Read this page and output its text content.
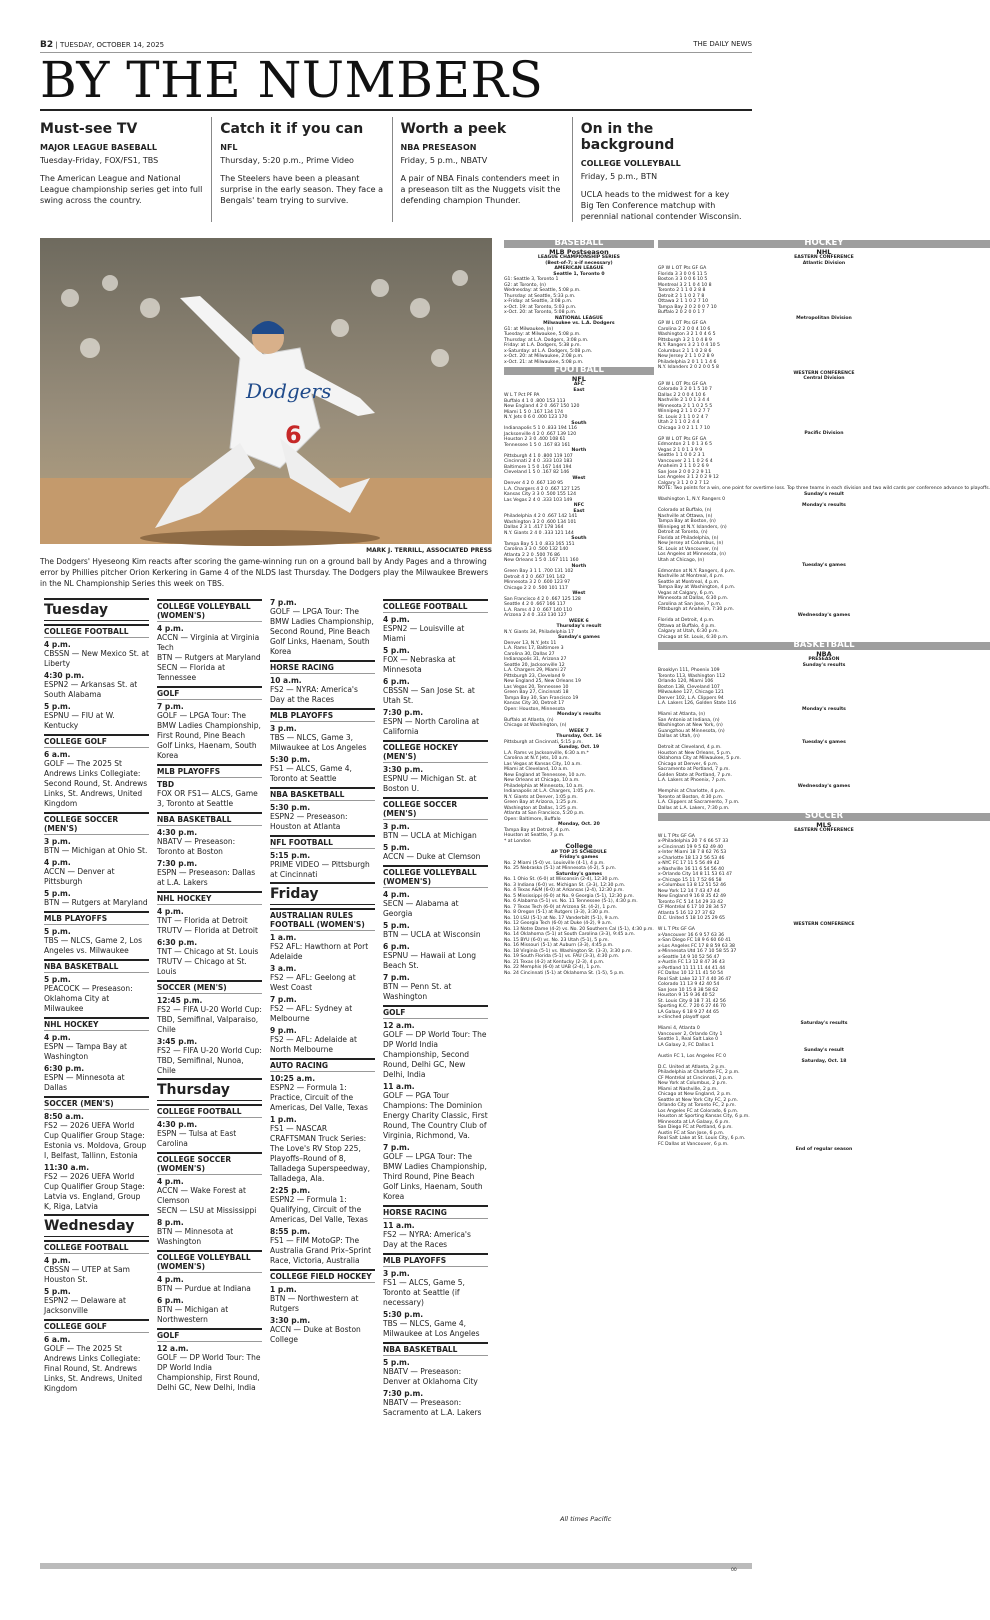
B2 | TUESDAY, OCTOBER 14, 2025	THE DAILY NEWS
BY THE NUMBERS
Must-see TV
MAJOR LEAGUE BASEBALL
Tuesday-Friday, FOX/FS1, TBS
The American League and National League championship series get into full swing across the country.
Catch it if you can
NFL
Thursday, 5:20 p.m., Prime Video
The Steelers have been a pleasant surprise in the early season. They face a Bengals' team trying to survive.
Worth a peek
NBA PRESEASON
Friday, 5 p.m., NBATV
A pair of NBA Finals contenders meet in a preseason tilt as the Nuggets visit the defending champion Thunder.
On in the background
COLLEGE VOLLEYBALL
Friday, 5 p.m., BTN
UCLA heads to the midwest for a key Big Ten Conference matchup with perennial national contender Wisconsin.
Dodgers
6
MARK J. TERRILL, ASSOCIATED PRESS
The Dodgers' Hyeseong Kim reacts after scoring the game-winning run on a ground ball by Andy Pages and a throwing error by Phillies pitcher Orion Kerkering in Game 4 of the NLDS last Thursday. The Dodgers play the Milwaukee Brewers in the NL Championship Series this week on TBS.
Tuesday
COLLEGE FOOTBALL
4 p.m.
CBSSN — New Mexico St. at Liberty
4:30 p.m.
ESPN2 — Arkansas St. at South Alabama
5 p.m.
ESPNU — FIU at W. Kentucky
COLLEGE GOLF
6 a.m.
GOLF — The 2025 St Andrews Links Collegiate: Second Round, St. Andrews Links, St. Andrews, United Kingdom
COLLEGE SOCCER (MEN'S)
3 p.m.
BTN — Michigan at Ohio St.
4 p.m.
ACCN — Denver at Pittsburgh
5 p.m.
BTN — Rutgers at Maryland
MLB PLAYOFFS
5 p.m.
TBS — NLCS, Game 2, Los Angeles vs. Milwaukee
NBA BASKETBALL
5 p.m.
PEACOCK — Preseason: Oklahoma City at Milwaukee
NHL HOCKEY
4 p.m.
ESPN — Tampa Bay at Washington
6:30 p.m.
ESPN — Minnesota at Dallas
SOCCER (MEN'S)
8:50 a.m.
FS2 — 2026 UEFA World Cup Qualifier Group Stage: Estonia vs. Moldova, Group I, Belfast, Tallinn, Estonia
11:30 a.m.
FS2 — 2026 UEFA World Cup Qualifier Group Stage: Latvia vs. England, Group K, Riga, Latvia
Wednesday
COLLEGE FOOTBALL
4 p.m.
CBSSN — UTEP at Sam Houston St.
5 p.m.
ESPN2 — Delaware at Jacksonville
COLLEGE GOLF
6 a.m.
GOLF — The 2025 St Andrews Links Collegiate: Final Round, St. Andrews Links, St. Andrews, United Kingdom
COLLEGE VOLLEYBALL (WOMEN'S)
4 p.m.
ACCN — Virginia at Virginia Tech
BTN — Rutgers at Maryland
SECN — Florida at Tennessee
GOLF
7 p.m.
GOLF — LPGA Tour: The BMW Ladies Championship, First Round, Pine Beach Golf Links, Haenam, South Korea
MLB PLAYOFFS
TBD
FOX OR FS1— ALCS, Game 3, Toronto at Seattle
NBA BASKETBALL
4:30 p.m.
NBATV — Preseason: Toronto at Boston
7:30 p.m.
ESPN — Preseason: Dallas at L.A. Lakers
NHL HOCKEY
4 p.m.
TNT — Florida at Detroit
TRUTV — Florida at Detroit
6:30 p.m.
TNT — Chicago at St. Louis
TRUTV — Chicago at St. Louis
SOCCER (MEN'S)
12:45 p.m.
FS2 — FIFA U-20 World Cup: TBD, Semifinal, Valparaiso, Chile
3:45 p.m.
FS2 — FIFA U-20 World Cup: TBD, Semifinal, Nunoa, Chile
Thursday
COLLEGE FOOTBALL
4:30 p.m.
ESPN — Tulsa at East Carolina
COLLEGE SOCCER (WOMEN'S)
4 p.m.
ACCN — Wake Forest at Clemson
SECN — LSU at Mississippi
8 p.m.
BTN — Minnesota at Washington
COLLEGE VOLLEYBALL (WOMEN'S)
4 p.m.
BTN — Purdue at Indiana
6 p.m.
BTN — Michigan at Northwestern
GOLF
12 a.m.
GOLF — DP World Tour: The DP World India Championship, First Round, Delhi GC, New Delhi, India
7 p.m.
GOLF — LPGA Tour: The BMW Ladies Championship, Second Round, Pine Beach Golf Links, Haenam, South Korea
HORSE RACING
10 a.m.
FS2 — NYRA: America's Day at the Races
MLB PLAYOFFS
3 p.m.
TBS — NLCS, Game 3, Milwaukee at Los Angeles
5:30 p.m.
FS1 — ALCS, Game 4, Toronto at Seattle
NBA BASKETBALL
5:30 p.m.
ESPN2 — Preseason: Houston at Atlanta
NFL FOOTBALL
5:15 p.m.
PRIME VIDEO — Pittsburgh at Cincinnati
Friday
AUSTRALIAN RULES FOOTBALL (WOMEN'S)
1 a.m.
FS2 AFL: Hawthorn at Port Adelaide
3 a.m.
FS2 — AFL: Geelong at West Coast
7 p.m.
FS2 — AFL: Sydney at Melbourne
9 p.m.
FS2 — AFL: Adelaide at North Melbourne
AUTO RACING
10:25 a.m.
ESPN2 — Formula 1: Practice, Circuit of the Americas, Del Valle, Texas
1 p.m.
FS1 — NASCAR CRAFTSMAN Truck Series: The Love's RV Stop 225, Playoffs–Round of 8, Talladega Superspeedway, Talladega, Ala.
2:25 p.m.
ESPN2 — Formula 1: Qualifying, Circuit of the Americas, Del Valle, Texas
8:55 p.m.
FS1 — FIM MotoGP: The Australia Grand Prix–Sprint Race, Victoria, Australia
COLLEGE FIELD HOCKEY
1 p.m.
BTN — Northwestern at Rutgers
3:30 p.m.
ACCN — Duke at Boston College
COLLEGE FOOTBALL
4 p.m.
ESPN2 — Louisville at Miami
5 p.m.
FOX — Nebraska at Minnesota
6 p.m.
CBSSN — San Jose St. at Utah St.
7:30 p.m.
ESPN — North Carolina at California
COLLEGE HOCKEY (MEN'S)
3:30 p.m.
ESPNU — Michigan St. at Boston U.
COLLEGE SOCCER (MEN'S)
3 p.m.
BTN — UCLA at Michigan
5 p.m.
ACCN — Duke at Clemson
COLLEGE VOLLEYBALL (WOMEN'S)
4 p.m.
SECN — Alabama at Georgia
5 p.m.
BTN — UCLA at Wisconsin
6 p.m.
ESPNU — Hawaii at Long Beach St.
7 p.m.
BTN — Penn St. at Washington
GOLF
12 a.m.
GOLF — DP World Tour: The DP World India Championship, Second Round, Delhi GC, New Delhi, India
11 a.m.
GOLF — PGA Tour Champions: The Dominion Energy Charity Classic, First Round, The Country Club of Virginia, Richmond, Va.
7 p.m.
GOLF — LPGA Tour: The BMW Ladies Championship, Third Round, Pine Beach Golf Links, Haenam, South Korea
HORSE RACING
11 a.m.
FS2 — NYRA: America's Day at the Races
MLB PLAYOFFS
3 p.m.
FS1 — ALCS, Game 5, Toronto at Seattle (if necessary)
5:30 p.m.
TBS — NLCS, Game 4, Milwaukee at Los Angeles
NBA BASKETBALL
5 p.m.
NBATV — Preseason: Denver at Oklahoma City
7:30 p.m.
NBATV — Preseason: Sacramento at L.A. Lakers
BASEBALL
MLB Postseason
LEAGUE CHAMPIONSHIP SERIES
(Best-of-7; x-if necessary)
AMERICAN LEAGUE
Seattle 1, Toronto 0
G1: Seattle 3, Toronto 1
G2: at Toronto, (n)
Wednesday: at Seattle, 5:08 p.m.
Thursday: at Seattle, 5:33 p.m.
x-Friday: at Seattle, 3:08 p.m.
x-Oct. 19: at Toronto, 5:03 p.m.
x-Oct. 20: at Toronto, 5:08 p.m.
NATIONAL LEAGUE
Milwaukee vs. L.A. Dodgers
G1: at Milwaukee, (n)
Tuesday: at Milwaukee, 5:08 p.m.
Thursday: at L.A. Dodgers, 3:08 p.m.
Friday: at L.A. Dodgers, 5:38 p.m.
x-Saturday: at L.A. Dodgers, 5:08 p.m.
x-Oct. 20: at Milwaukee, 2:08 p.m.
x-Oct. 21: at Milwaukee, 5:08 p.m.
FOOTBALL
NFL
AFC
East
W L T Pct PF PA
Buffalo 4 1 0 .800 153 113
New England 4 2 0 .667 150 120
Miami 1 5 0 .167 134 174
N.Y. Jets 0 6 0 .000 123 170
South
Indianapolis 5 1 0 .833 194 116
Jacksonville 4 2 0 .667 139 120
Houston 2 3 0 .400 108 61
Tennessee 1 5 0 .167 83 161
North
Pittsburgh 4 1 0 .800 119 107
Cincinnati 2 4 0 .333 103 183
Baltimore 1 5 0 .167 144 194
Cleveland 1 5 0 .167 82 146
West
Denver 4 2 0 .667 130 95
L.A. Chargers 4 2 0 .667 127 125
Kansas City 3 3 0 .500 155 124
Las Vegas 2 4 0 .333 103 149
NFC
East
Philadelphia 4 2 0 .667 142 141
Washington 3 2 0 .600 134 101
Dallas 2 3 1 .417 178 164
N.Y. Giants 2 4 0 .333 121 144
South
Tampa Bay 5 1 0 .833 165 151
Carolina 3 3 0 .500 132 140
Atlanta 2 2 0 .500 76 86
New Orleans 1 5 0 .167 111 160
North
Green Bay 3 1 1 .700 131 102
Detroit 4 2 0 .667 191 142
Minnesota 3 2 0 .600 123 97
Chicago 2 2 0 .500 101 117
West
San Francisco 4 2 0 .667 125 128
Seattle 4 2 0 .667 166 117
L.A. Rams 4 2 0 .667 140 110
Arizona 2 4 0 .333 130 127
WEEK 6
Thursday's result
N.Y. Giants 34, Philadelphia 17
Sunday's games
Denver 13, N.Y. Jets 11
L.A. Rams 17, Baltimore 3
Carolina 30, Dallas 27
Indianapolis 31, Arizona 27
Seattle 20, Jacksonville 12
L.A. Chargers 29, Miami 27
Pittsburgh 23, Cleveland 9
New England 25, New Orleans 19
Las Vegas 20, Tennessee 10
Green Bay 27, Cincinnati 18
Tampa Bay 30, San Francisco 19
Kansas City 30, Detroit 17
Open: Houston, Minnesota
Monday's results
Buffalo at Atlanta, (n)
Chicago at Washington, (n)
WEEK 7
Thursday, Oct. 16
Pittsburgh at Cincinnati, 5:15 p.m.
Sunday, Oct. 19
L.A. Rams vs Jacksonville, 6:30 a.m.*
Carolina at N.Y. Jets, 10 a.m.
Las Vegas at Kansas City, 10 a.m.
Miami at Cleveland, 10 a.m.
New England at Tennessee, 10 a.m.
New Orleans at Chicago, 10 a.m.
Philadelphia at Minnesota, 10 a.m.
Indianapolis at L.A. Chargers, 1:05 p.m.
N.Y. Giants at Denver, 1:05 p.m.
Green Bay at Arizona, 1:25 p.m.
Washington at Dallas, 1:25 p.m.
Atlanta at San Francisco, 5:20 p.m.
Open: Baltimore, Buffalo
Monday, Oct. 20
Tampa Bay at Detroit, 4 p.m.
Houston at Seattle, 7 p.m.
* at London
College
AP TOP 25 SCHEDULE
Friday's games
No. 2 Miami (5-0) vs. Louisville (4-1), 4 p.m.
No. 25 Nebraska (5-1) at Minnesota (4-2), 5 p.m.
Saturday's games
No. 1 Ohio St. (6-0) at Wisconsin (2-4), 12:30 p.m.
No. 3 Indiana (6-0) vs. Michigan St. (3-3), 12:30 p.m.
No. 4 Texas A&M (6-0) at Arkansas (2-4), 12:30 p.m.
No. 5 Mississippi (6-0) at No. 9 Georgia (5-1), 12:30 p.m.
No. 6 Alabama (5-1) vs. No. 11 Tennessee (5-1), 4:30 p.m.
No. 7 Texas Tech (6-0) at Arizona St. (4-2), 1 p.m.
No. 8 Oregon (5-1) at Rutgers (3-3), 3:30 p.m.
No. 10 LSU (5-1) at No. 17 Vanderbilt (5-1), 9 a.m.
No. 12 Georgia Tech (6-0) at Duke (4-2), 9 a.m.
No. 13 Notre Dame (4-2) vs. No. 20 Southern Cal (5-1), 4:30 p.m.
No. 14 Oklahoma (5-1) at South Carolina (3-3), 9:45 a.m.
No. 15 BYU (6-0) vs. No. 23 Utah (5-1), 5 p.m.
No. 16 Missouri (5-1) at Auburn (3-3), 4:45 p.m.
No. 18 Virginia (5-1) vs. Washington St. (3-3), 3:30 p.m.
No. 19 South Florida (5-1) vs. FAU (3-3), 4:30 p.m.
No. 21 Texas (4-2) at Kentucky (2-3), 4 p.m.
No. 22 Memphis (6-0) at UAB (2-4), 1 p.m.
No. 24 Cincinnati (5-1) at Oklahoma St. (1-5), 5 p.m.
HOCKEY
NHL
EASTERN CONFERENCE
Atlantic Division
GP W L OT Pts GF GA
Florida 3 3 0 0 6 11 5
Boston 3 3 0 0 6 10 5
Montreal 3 2 1 0 4 10 8
Toronto 2 1 1 0 2 8 8
Detroit 2 1 1 0 2 7 8
Ottawa 2 1 1 0 2 7 10
Tampa Bay 2 0 2 0 0 7 10
Buffalo 2 0 2 0 0 1 7
Metropolitan Division
GP W L OT Pts GF GA
Carolina 2 2 0 0 4 10 6
Washington 3 2 1 0 4 6 5
Pittsburgh 3 2 1 0 4 8 9
N.Y. Rangers 3 2 1 0 4 10 5
Columbus 2 1 1 0 2 8 6
New Jersey 2 1 1 0 2 8 9
Philadelphia 2 0 1 1 1 4 6
N.Y. Islanders 2 0 2 0 0 5 8
WESTERN CONFERENCE
Central Division
GP W L OT Pts GF GA
Colorado 3 2 0 1 5 10 7
Dallas 2 2 0 0 4 10 6
Nashville 2 1 0 1 3 4 4
Minnesota 2 1 1 0 2 5 5
Winnipeg 2 1 1 0 2 7 7
St. Louis 2 1 1 0 2 4 7
Utah 2 1 1 0 2 4 4
Chicago 3 0 2 1 1 7 10
Pacific Division
GP W L OT Pts GF GA
Edmonton 2 1 0 1 3 6 5
Vegas 2 1 0 1 3 9 9
Seattle 1 1 0 0 2 3 1
Vancouver 2 1 1 0 2 6 4
Anaheim 2 1 1 0 2 6 9
San Jose 2 0 0 2 2 9 11
Los Angeles 3 1 2 0 2 9 12
Calgary 3 1 2 0 2 7 12
NOTE: Two points for a win, one point for overtime loss. Top three teams in each division and two wild cards per conference advance to playoffs.
Sunday's result
Washington 1, N.Y. Rangers 0
Monday's results
Colorado at Buffalo, (n)
Nashville at Ottawa, (n)
Tampa Bay at Boston, (n)
Winnipeg at N.Y. Islanders, (n)
Detroit at Toronto, (n)
Florida at Philadelphia, (n)
New Jersey at Columbus, (n)
St. Louis at Vancouver, (n)
Los Angeles at Minnesota, (n)
Utah at Chicago, (n)
Tuesday's games
Edmonton at N.Y. Rangers, 4 p.m.
Nashville at Montreal, 4 p.m.
Seattle at Montreal, 4 p.m.
Tampa Bay at Washington, 4 p.m.
Vegas at Calgary, 6 p.m.
Minnesota at Dallas, 6:30 p.m.
Carolina at San Jose, 7 p.m.
Pittsburgh at Anaheim, 7:30 p.m.
Wednesday's games
Florida at Detroit, 4 p.m.
Ottawa at Buffalo, 4 p.m.
Calgary at Utah, 6:30 p.m.
Chicago at St. Louis, 6:30 p.m.
BASKETBALL
NBA
PRESEASON
Sunday's results
Brooklyn 111, Phoenix 109
Toronto 113, Washington 112
Orlando 120, Miami 106
Boston 138, Cleveland 107
Milwaukee 127, Chicago 121
Denver 102, L.A. Clippers 94
L.A. Lakers 126, Golden State 116
Monday's results
Miami at Atlanta, (n)
San Antonio at Indiana, (n)
Washington at New York, (n)
Guangzhou at Minnesota, (n)
Dallas at Utah, (n)
Tuesday's games
Detroit at Cleveland, 4 p.m.
Houston at New Orleans, 5 p.m.
Oklahoma City at Milwaukee, 5 p.m.
Chicago at Denver, 6 p.m.
Sacramento at Portland, 7 p.m.
Golden State at Portland, 7 p.m.
L.A. Lakers at Phoenix, 7 p.m.
Wednesday's games
Memphis at Charlotte, 4 p.m.
Toronto at Boston, 4:30 p.m.
L.A. Clippers at Sacramento, 7 p.m.
Dallas at L.A. Lakers, 7:30 p.m.
SOCCER
MLS
EASTERN CONFERENCE
W L T Pts GF GA
x-Philadelphia 20 7 6 66 57 33
x-Cincinnati 19 9 5 62 49 40
x-Inter Miami 18 7 8 62 76 53
x-Charlotte 18 13 2 56 53 46
x-NYC FC 17 11 5 56 49 42
x-Nashville 16 11 6 54 56 40
x-Orlando City 14 8 11 53 61 47
x-Chicago 15 11 7 52 66 58
x-Columbus 13 8 12 51 52 46
New York 12 14 7 43 47 44
New England 9 16 8 35 42 49
Toronto FC 5 14 14 29 33 42
CF Montréal 6 17 10 28 34 57
Atlanta 5 16 12 27 37 62
D.C. United 5 18 10 25 29 65
WESTERN CONFERENCE
W L T Pts GF GA
x-Vancouver 16 6 9 57 63 36
x-San Diego FC 18 9 6 60 60 41
x-Los Angeles FC 17 8 8 59 63 38
x-Minnesota Utd 16 7 10 58 55 37
x-Seattle 14 9 10 52 56 47
x-Austin FC 13 12 8 47 36 43
x-Portland 11 11 11 44 41 44
FC Dallas 10 12 11 41 50 54
Real Salt Lake 12 17 4 40 36 47
Colorado 11 13 9 42 40 54
San Jose 10 15 8 38 58 62
Houston 9 15 9 36 40 52
St. Louis City 8 18 7 31 42 56
Sporting K.C. 7 20 6 27 46 70
LA Galaxy 6 18 9 27 44 65
x-clinched playoff spot
Saturday's results
Miami 4, Atlanta 0
Vancouver 2, Orlando City 1
Seattle 1, Real Salt Lake 0
LA Galaxy 2, FC Dallas 1
Sunday's result
Austin FC 1, Los Angeles FC 0
Saturday, Oct. 18
D.C. United at Atlanta, 2 p.m.
Philadelphia at Charlotte FC, 2 p.m.
CF Montréal at Cincinnati, 2 p.m.
New York at Columbus, 2 p.m.
Miami at Nashville, 2 p.m.
Chicago at New England, 2 p.m.
Seattle at New York City FC, 2 p.m.
Orlando City at Toronto FC, 2 p.m.
Los Angeles FC at Colorado, 6 p.m.
Houston at Sporting Kansas City, 6 p.m.
Minnesota at LA Galaxy, 6 p.m.
San Diego FC at Portland, 6 p.m.
Austin FC at San Jose, 6 p.m.
Real Salt Lake at St. Louis City, 6 p.m.
FC Dallas at Vancouver, 6 p.m.
End of regular season
All times Pacific
00
